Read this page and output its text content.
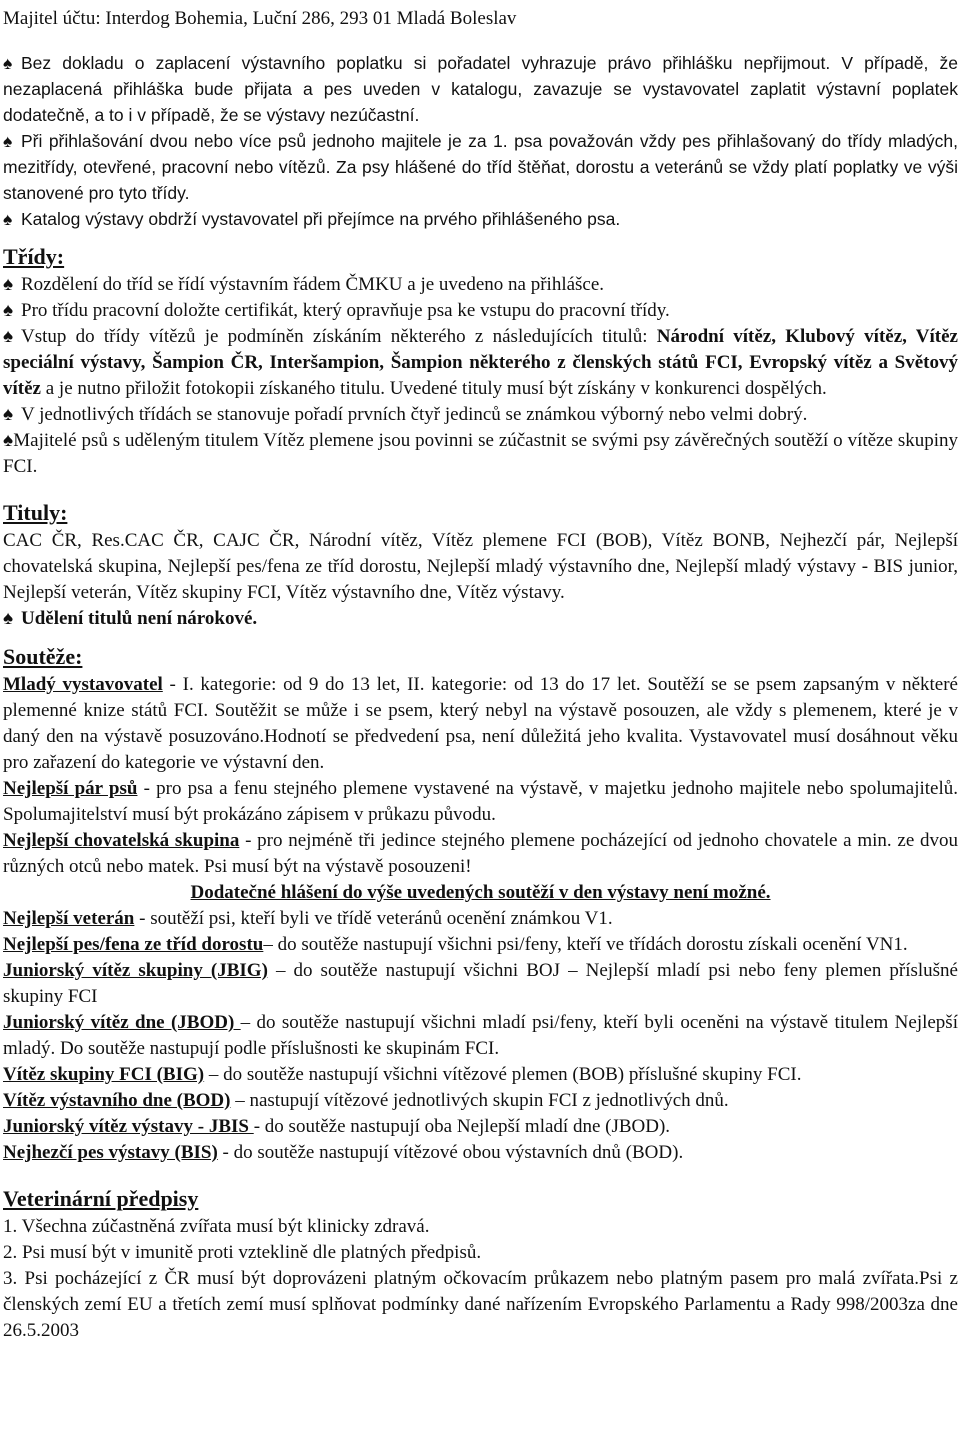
Majitel účtu: Interdog Bohemia, Luční 286, 293 01 Mladá Boleslav

♠ Bez dokladu o zaplacení výstavního poplatku si pořadatel vyhrazuje právo přihlášku nepřijmout. V případě, že nezaplacená přihláška bude přijata a pes uveden v katalogu, zavazuje se vystavovatel zaplatit výstavní poplatek dodatečně, a to i v případě, že se výstavy nezúčastní.

♠ Při přihlašování dvou nebo více psů jednoho majitele je za 1. psa považován vždy pes přihlašovaný do třídy mladých, mezitřídy, otevřené, pracovní nebo vítězů. Za psy hlášené do tříd štěňat, dorostu a veteránů se vždy platí poplatky ve výši stanovené pro tyto třídy.

♠ Katalog výstavy obdrží vystavovatel při přejímce na prvého přihlášeného psa.

Třídy:

♠ Rozdělení do tříd se řídí výstavním řádem ČMKU a je uvedeno na přihlášce.

♠ Pro třídu pracovní doložte certifikát, který opravňuje psa ke vstupu do pracovní třídy.

♠ Vstup do třídy vítězů je podmíněn získáním některého z následujících titulů: Národní vítěz, Klubový vítěz, Vítěz speciální výstavy, Šampion ČR, Interšampion, Šampion některého z členských států FCI, Evropský vítěz a Světový vítěz a je nutno přiložit fotokopii získaného titulu. Uvedené tituly musí být získány v konkurenci dospělých.

♠ V jednotlivých třídách se stanovuje pořadí prvních čtyř jedinců se známkou výborný nebo velmi dobrý.

♠Majitelé psů s uděleným titulem Vítěz plemene jsou povinni se zúčastnit se svými psy závěrečných soutěží o vítěze skupiny FCI.

Tituly:

CAC ČR, Res.CAC ČR, CAJC ČR, Národní vítěz, Vítěz plemene FCI (BOB), Vítěz BONB, Nejhezčí pár, Nejlepší chovatelská skupina, Nejlepší pes/fena ze tříd dorostu, Nejlepší mladý výstavního dne, Nejlepší mladý výstavy - BIS junior, Nejlepší veterán, Vítěz skupiny FCI, Vítěz výstavního dne, Vítěz výstavy.

♠ Udělení titulů není nárokové.

Soutěže:

Mladý vystavovatel - I. kategorie: od 9 do 13 let, II. kategorie: od 13 do 17 let. Soutěží se se psem zapsaným v některé plemenné knize států FCI. Soutěžit se může i se psem, který nebyl na výstavě posouzen, ale vždy s plemenem, které je v daný den na výstavě posuzováno.Hodnotí se předvedení psa, není důležitá jeho kvalita. Vystavovatel musí dosáhnout věku pro zařazení do kategorie ve výstavní den.

Nejlepší pár psů - pro psa a fenu stejného plemene vystavené na výstavě, v majetku jednoho majitele nebo spolumajitelů. Spolumajitelství musí být prokázáno zápisem v průkazu původu.

Nejlepší chovatelská skupina - pro nejméně tři jedince stejného plemene pocházející od jednoho chovatele a min. ze dvou různých otců nebo matek. Psi musí být na výstavě posouzeni!

Dodatečné hlášení do výše uvedených soutěží v den výstavy není možné.

Nejlepší veterán - soutěží psi, kteří byli ve třídě veteránů ocenění známkou V1.

Nejlepší pes/fena ze tříd dorostu– do soutěže nastupují všichni psi/feny, kteří ve třídách dorostu získali ocenění VN1.

Juniorský vítěz skupiny (JBIG) – do soutěže nastupují všichni BOJ – Nejlepší mladí psi nebo feny plemen příslušné skupiny FCI

Juniorský vítěz dne (JBOD) – do soutěže nastupují všichni mladí psi/feny, kteří byli oceněni na výstavě titulem Nejlepší mladý. Do soutěže nastupují podle příslušnosti ke skupinám FCI.

Vítěz skupiny FCI (BIG) – do soutěže nastupují všichni vítězové plemen (BOB) příslušné skupiny FCI.

Vítěz výstavního dne (BOD) – nastupují vítězové jednotlivých skupin FCI z jednotlivých dnů.

Juniorský vítěz výstavy - JBIS - do soutěže nastupují oba Nejlepší mladí dne (JBOD).

Nejhezčí pes výstavy (BIS) - do soutěže nastupují vítězové obou výstavních dnů (BOD).

Veterinární předpisy

1. Všechna zúčastněná zvířata musí být klinicky zdravá.

2. Psi musí být v imunitě proti vzteklině dle platných předpisů.

3. Psi pocházející z ČR musí být doprovázeni platným očkovacím průkazem nebo platným pasem pro malá zvířata.Psi z členských zemí EU a třetích zemí musí splňovat podmínky dané nařízením Evropského Parlamentu a Rady 998/2003za dne 26.5.2003
